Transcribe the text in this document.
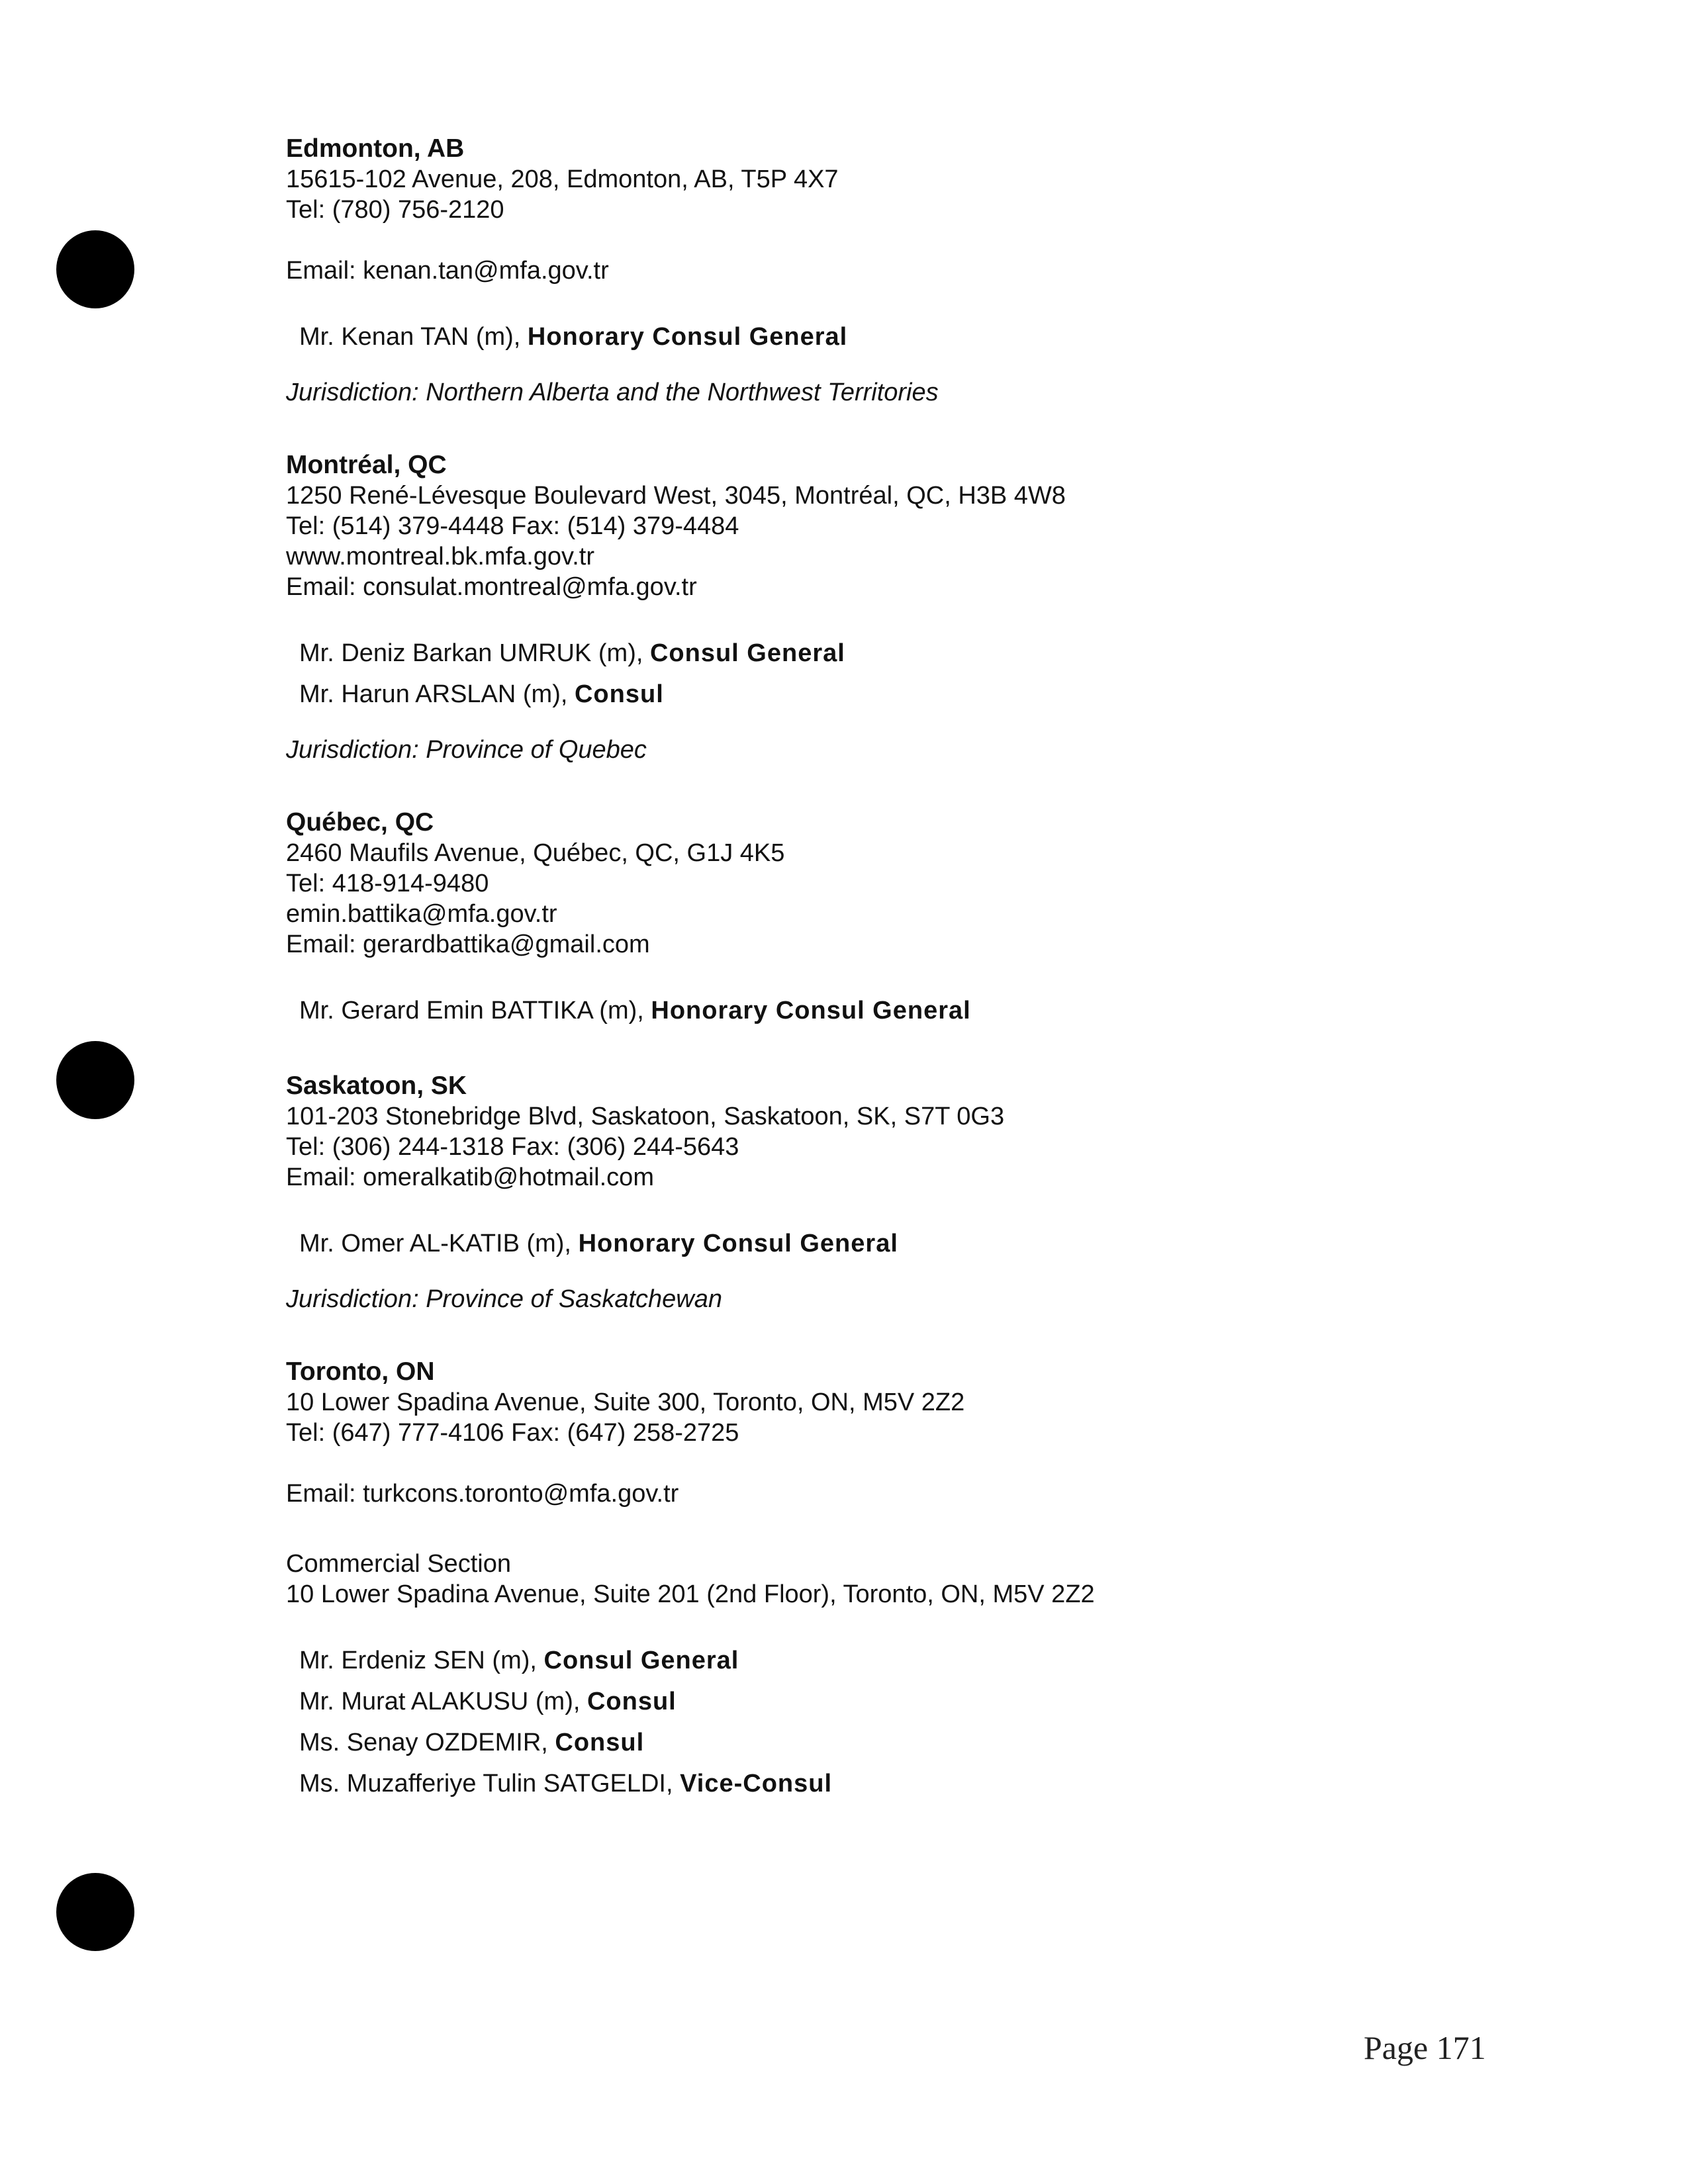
Edmonton, AB
15615-102 Avenue, 208, Edmonton, AB, T5P 4X7
Tel: (780) 756-2120
Email: kenan.tan@mfa.gov.tr
Mr. Kenan TAN (m), Honorary Consul General
Jurisdiction: Northern Alberta and the Northwest Territories
Montréal, QC
1250 René-Lévesque Boulevard West, 3045, Montréal, QC, H3B 4W8
Tel: (514) 379-4448 Fax: (514) 379-4484
www.montreal.bk.mfa.gov.tr
Email: consulat.montreal@mfa.gov.tr
Mr. Deniz Barkan UMRUK (m), Consul General
Mr. Harun ARSLAN (m), Consul
Jurisdiction: Province of Quebec
Québec, QC
2460 Maufils Avenue, Québec, QC, G1J 4K5
Tel: 418-914-9480
emin.battika@mfa.gov.tr
Email: gerardbattika@gmail.com
Mr. Gerard Emin BATTIKA (m), Honorary Consul General
Saskatoon, SK
101-203 Stonebridge Blvd, Saskatoon, Saskatoon, SK, S7T 0G3
Tel: (306) 244-1318 Fax: (306) 244-5643
Email: omeralkatib@hotmail.com
Mr. Omer AL-KATIB (m), Honorary Consul General
Jurisdiction: Province of Saskatchewan
Toronto, ON
10 Lower Spadina Avenue, Suite 300, Toronto, ON, M5V 2Z2
Tel: (647) 777-4106 Fax: (647) 258-2725
Email: turkcons.toronto@mfa.gov.tr
Commercial Section
10 Lower Spadina Avenue, Suite 201 (2nd Floor), Toronto, ON, M5V 2Z2
Mr. Erdeniz SEN (m), Consul General
Mr. Murat ALAKUSU (m), Consul
Ms. Senay OZDEMIR, Consul
Ms. Muzafferiye Tulin SATGELDI, Vice-Consul
Page 171
